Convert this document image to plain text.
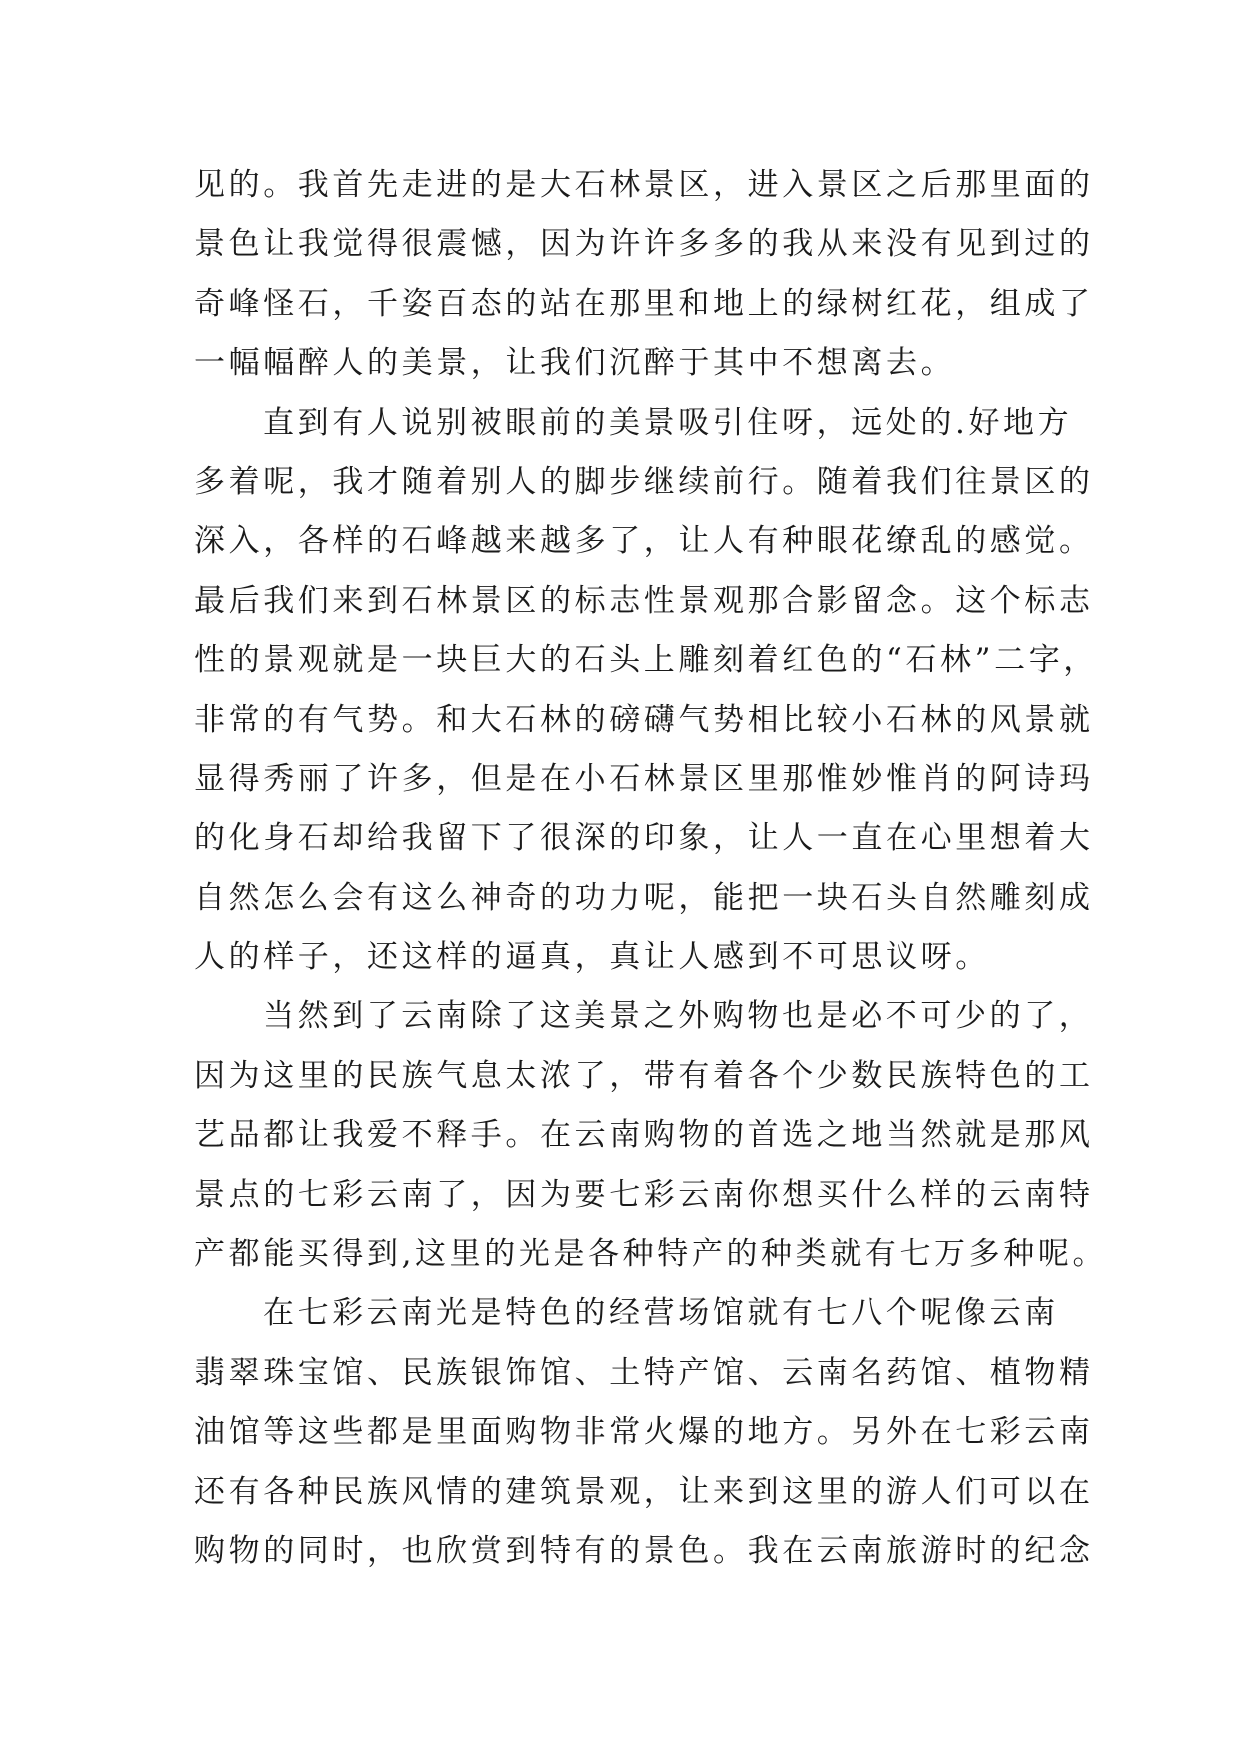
见的。我首先走进的是大石林景区，进入景区之后那里面的
景色让我觉得很震憾，因为许许多多的我从来没有见到过的
奇峰怪石，千姿百态的站在那里和地上的绿树红花，组成了
一幅幅醉人的美景，让我们沉醉于其中不想离去。
直到有人说别被眼前的美景吸引住呀，远处的.好地方
多着呢，我才随着别人的脚步继续前行。随着我们往景区的
深入，各样的石峰越来越多了，让人有种眼花缭乱的感觉。
最后我们来到石林景区的标志性景观那合影留念。这个标志
性的景观就是一块巨大的石头上雕刻着红色的“石林”二字，
非常的有气势。和大石林的磅礴气势相比较小石林的风景就
显得秀丽了许多，但是在小石林景区里那惟妙惟肖的阿诗玛
的化身石却给我留下了很深的印象，让人一直在心里想着大
自然怎么会有这么神奇的功力呢，能把一块石头自然雕刻成
人的样子，还这样的逼真，真让人感到不可思议呀。
当然到了云南除了这美景之外购物也是必不可少的了，
因为这里的民族气息太浓了，带有着各个少数民族特色的工
艺品都让我爱不释手。在云南购物的首选之地当然就是那风
景点的七彩云南了，因为要七彩云南你想买什么样的云南特
产都能买得到,这里的光是各种特产的种类就有七万多种呢。
在七彩云南光是特色的经营场馆就有七八个呢像云南
翡翠珠宝馆、民族银饰馆、土特产馆、云南名药馆、植物精
油馆等这些都是里面购物非常火爆的地方。另外在七彩云南
还有各种民族风情的建筑景观，让来到这里的游人们可以在
购物的同时，也欣赏到特有的景色。我在云南旅游时的纪念
